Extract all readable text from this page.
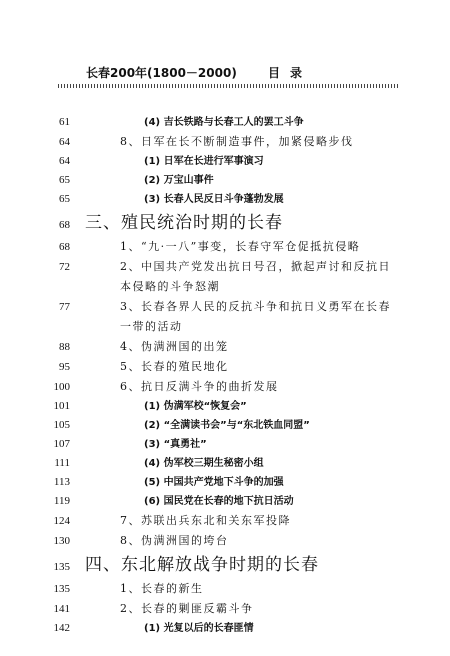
长春200年(1800－2000)	目录
61	(4) 吉长铁路与长春工人的罢工斗争
64	8、日军在长不断制造事件，加紧侵略步伐
64	(1) 日军在长进行军事演习
65	(2) 万宝山事件
65	(3) 长春人民反日斗争蓬勃发展
68 三、殖民统治时期的长春
68	1、“九·一八”事变，长春守军仓促抵抗侵略
72	2、中国共产党发出抗日号召，掀起声讨和反抗日本侵略的斗争怒潮
77	3、长春各界人民的反抗斗争和抗日义勇军在长春一带的活动
88	4、伪满洲国的出笼
95	5、长春的殖民地化
100	6、抗日反满斗争的曲折发展
101	(1) 伪满军校“恢复会”
105	(2) “全满读书会”与“东北铁血同盟”
107	(3) “真勇社”
111	(4) 伪军校三期生秘密小组
113	(5) 中国共产党地下斗争的加强
119	(6) 国民党在长春的地下抗日活动
124	7、苏联出兵东北和关东军投降
130	8、伪满洲国的垮台
135 四、东北解放战争时期的长春
135	1、长春的新生
141	2、长春的剿匪反霸斗争
142	(1) 光复以后的长春匪情
